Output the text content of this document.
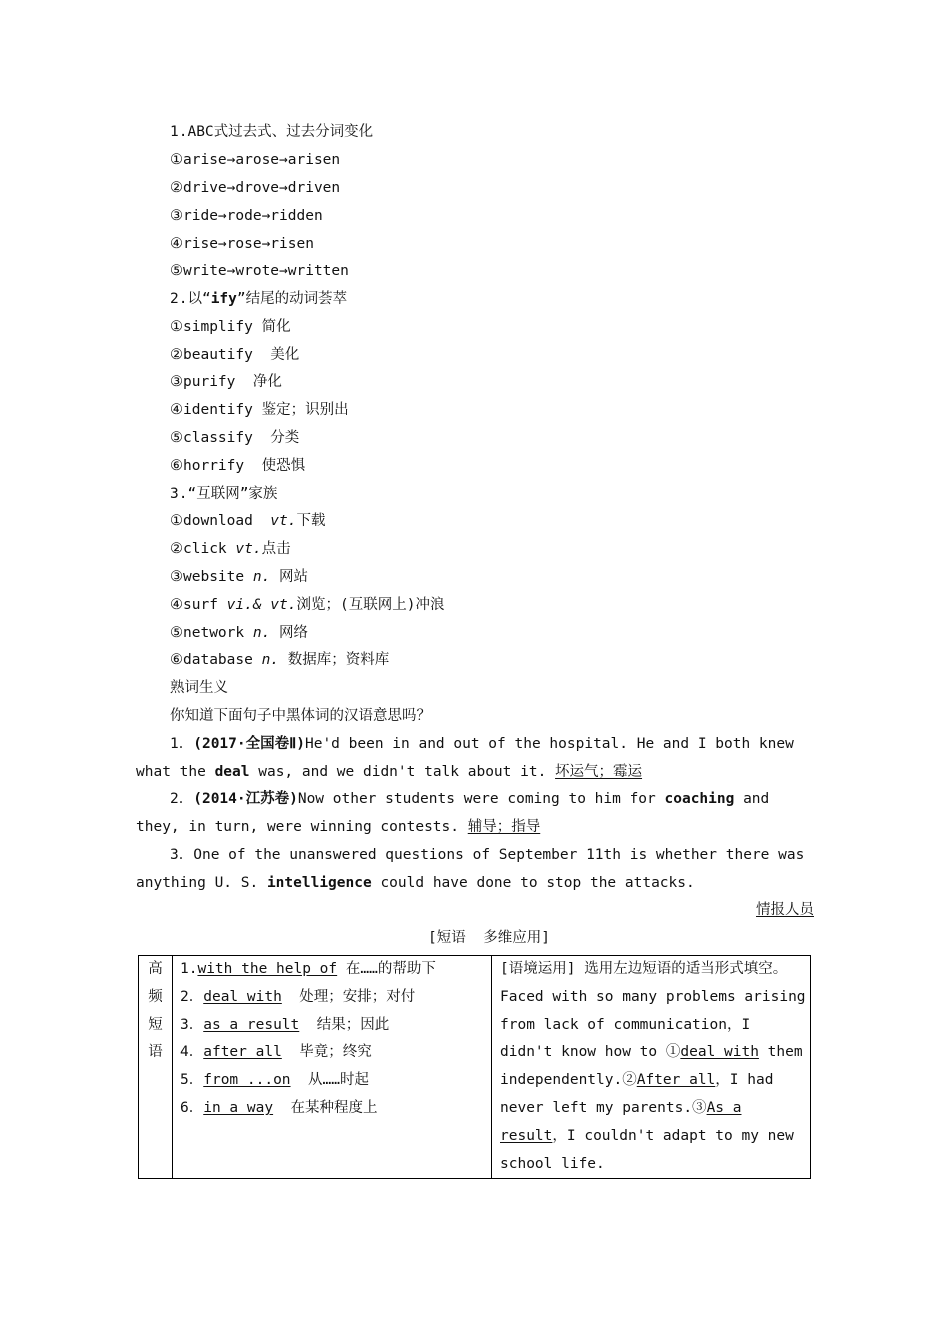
1.ABC式过去式、过去分词变化
①arise→arose→arisen
②drive→drove→driven
③ride→rode→ridden
④rise→rose→risen
⑤write→wrote→written
2.以“ify”结尾的动词荟萃
①simplify 简化
②beautify  美化
③purify  净化
④identify 鉴定；识别出
⑤classify  分类
⑥horrify  使恐惧
3.“互联网”家族
①download  vt.下载
②click vt.点击
③website n. 网站
④surf vi.& vt.浏览；(互联网上)冲浪
⑤network n. 网络
⑥database n. 数据库；资料库
熟词生义
你知道下面句子中黑体词的汉语意思吗？
1．(2017·全国卷Ⅱ)He'd been in and out of the hospital. He and I both knew
what the deal was, and we didn't talk about it. 坏运气；霉运
2．(2014·江苏卷)Now other students were coming to him for coaching and
they, in turn, were winning contests. 辅导；指导
3．One of the unanswered questions of September 11th is whether there was
anything U. S. intelligence could have done to stop the attacks.
情报人员
[短语  多维应用]
高
频
短
语

1.with the help of 在……的帮助下
2．deal with  处理；安排；对付
3．as a result  结果；因此
4．after all  毕竟；终究
5．from ...on  从……时起
6．in a way  在某种程度上

[语境运用] 选用左边短语的适当形式填空。
Faced with so many problems arising from lack of communication，I didn't know how to ①deal with them independently.②After all，I had never left my parents.③As a result，I couldn't adapt to my new school life.
